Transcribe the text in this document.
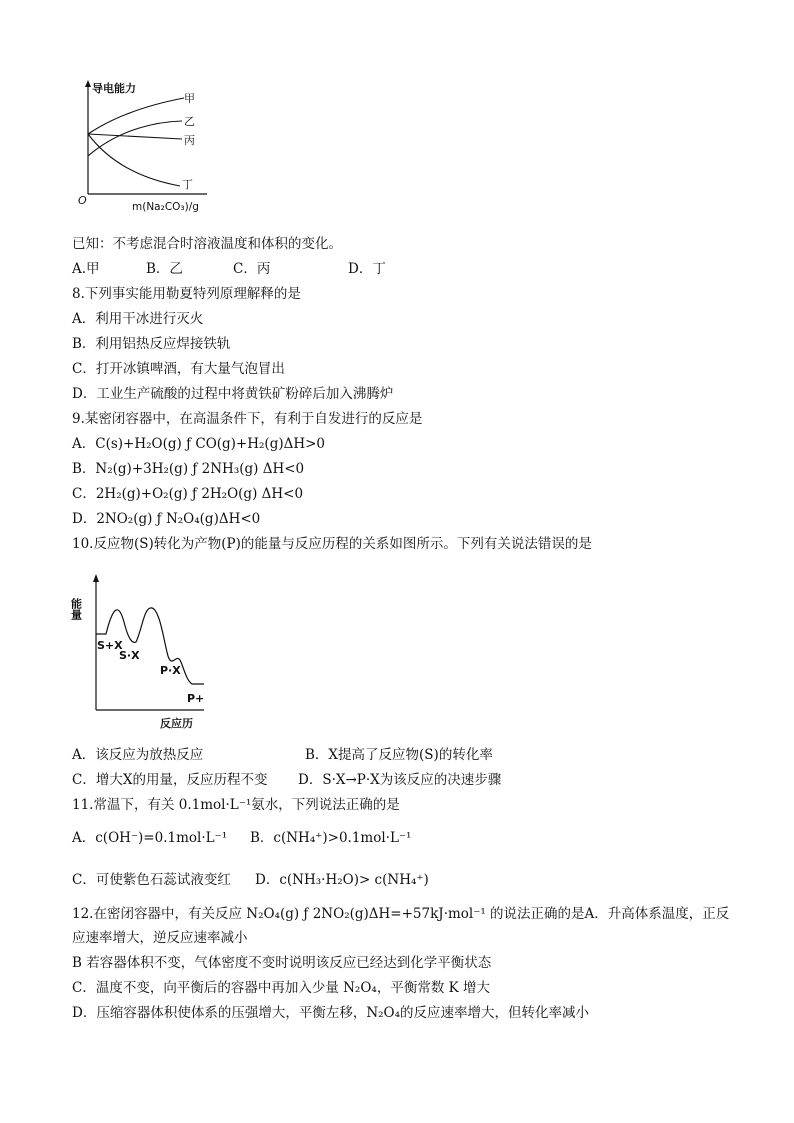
导电能力
O	m(Na₂CO₃)/g
甲
乙
丙
丁
已知：不考虑混合时溶液温度和体积的变化。
A.甲	B．乙	C．丙	D．丁
8.下列事实能用勒夏特列原理解释的是
A．利用干冰进行灭火
B．利用铝热反应焊接铁轨
C．打开冰镇啤酒，有大量气泡冒出
D．工业生产硫酸的过程中将黄铁矿粉碎后加入沸腾炉
9.某密闭容器中，在高温条件下，有利于自发进行的反应是
A．C(s)+H₂O(g) ƒ CO(g)+H₂(g)ΔH>0
B．N₂(g)+3H₂(g) ƒ 2NH₃(g) ΔH<0
C．2H₂(g)+O₂(g) ƒ 2H₂O(g) ΔH<0
D．2NO₂(g) ƒ N₂O₄(g)ΔH<0
10.反应物(S)转化为产物(P)的能量与反应历程的关系如图所示。下列有关说法错误的是
能量
S+X
S·X
P·X
P+
反应历
A．该反应为放热反应	B．X提高了反应物(S)的转化率
C．增大X的用量，反应历程不变 D．S·X→P·X为该反应的决速步骤
11.常温下，有关 0.1mol·L⁻¹氨水，下列说法正确的是
A．c(OH⁻)=0.1mol·L⁻¹ B．c(NH₄⁺)>0.1mol·L⁻¹
C．可使紫色石蕊试液变红 D．c(NH₃·H₂O)> c(NH₄⁺)
12.在密闭容器中，有关反应 N₂O₄(g) ƒ 2NO₂(g)ΔH=+57kJ·mol⁻¹ 的说法正确的是A．升高体系温度，正反
应速率增大，逆反应速率减小
B 若容器体积不变，气体密度不变时说明该反应已经达到化学平衡状态
C．温度不变，向平衡后的容器中再加入少量 N₂O₄，平衡常数 K 增大
D．压缩容器体积使体系的压强增大，平衡左移，N₂O₄的反应速率增大，但转化率减小
